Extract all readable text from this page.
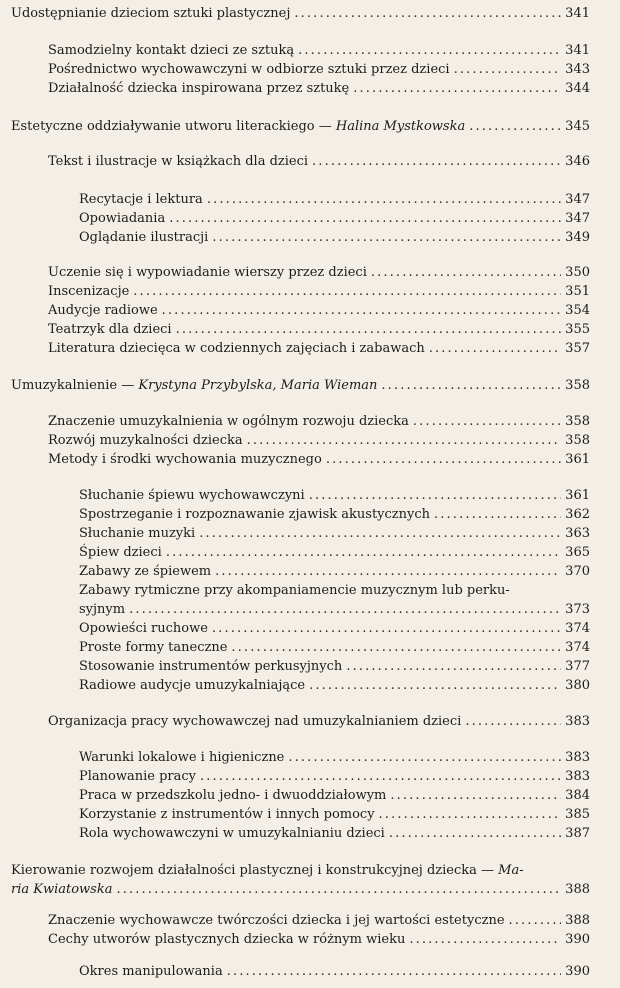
Udostępnianie dzieciom sztuki plastycznej . . .	341
Samodzielny kontakt dzieci ze sztuką . . .	341
Pośrednictwo wychowawczyni w odbiorze sztuki przez dzieci . . .	343
Działalność dziecka inspirowana przez sztukę . . .	344
Estetyczne oddziaływanie utworu literackiego — Halina Mystkowska . . .	345
Tekst i ilustracje w książkach dla dzieci . . .	346
Recytacje i lektura . . .	347
Opowiadania . . .	347
Oglądanie ilustracji . . .	349
Uczenie się i wypowiadanie wierszy przez dzieci . . .	350
Inscenizacje . . .	351
Audycje radiowe . . .	354
Teatrzyk dla dzieci . . .	355
Literatura dziecięca w codziennych zajęciach i zabawach . . .	357
Umuzykalnienie — Krystyna Przybylska, Maria Wieman . . .	358
Znaczenie umuzykalnienia w ogólnym rozwoju dziecka . . .	358
Rozwój muzykalności dziecka . . .	358
Metody i środki wychowania muzycznego . . .	361
Słuchanie śpiewu wychowawczyni . . .	361
Spostrzeganie i rozpoznawanie zjawisk akustycznych . . .	362
Słuchanie muzyki . . .	363
Śpiew dzieci . . .	365
Zabawy ze śpiewem . . .	370
Zabawy rytmiczne przy akompaniamencie muzycznym lub perku-
syjnym . . .	373
Opowieści ruchowe . . .	374
Proste formy taneczne . . .	374
Stosowanie instrumentów perkusyjnych . . .	377
Radiowe audycje umuzykalniające . . .	380
Organizacja pracy wychowawczej nad umuzykalnianiem dzieci . . .	383
Warunki lokalowe i higieniczne . . .	383
Planowanie pracy . . .	383
Praca w przedszkolu jedno- i dwuoddziałowym . . .	384
Korzystanie z instrumentów i innych pomocy . . .	385
Rola wychowawczyni w umuzykalnianiu dzieci . . .	387
Kierowanie rozwojem działalności plastycznej i konstrukcyjnej dziecka — Ma-
ria Kwiatowska . . .	388
Znaczenie wychowawcze twórczości dziecka i jej wartości estetyczne . . .	388
Cechy utworów plastycznych dziecka w różnym wieku . . .	390
Okres manipulowania . . .	390
